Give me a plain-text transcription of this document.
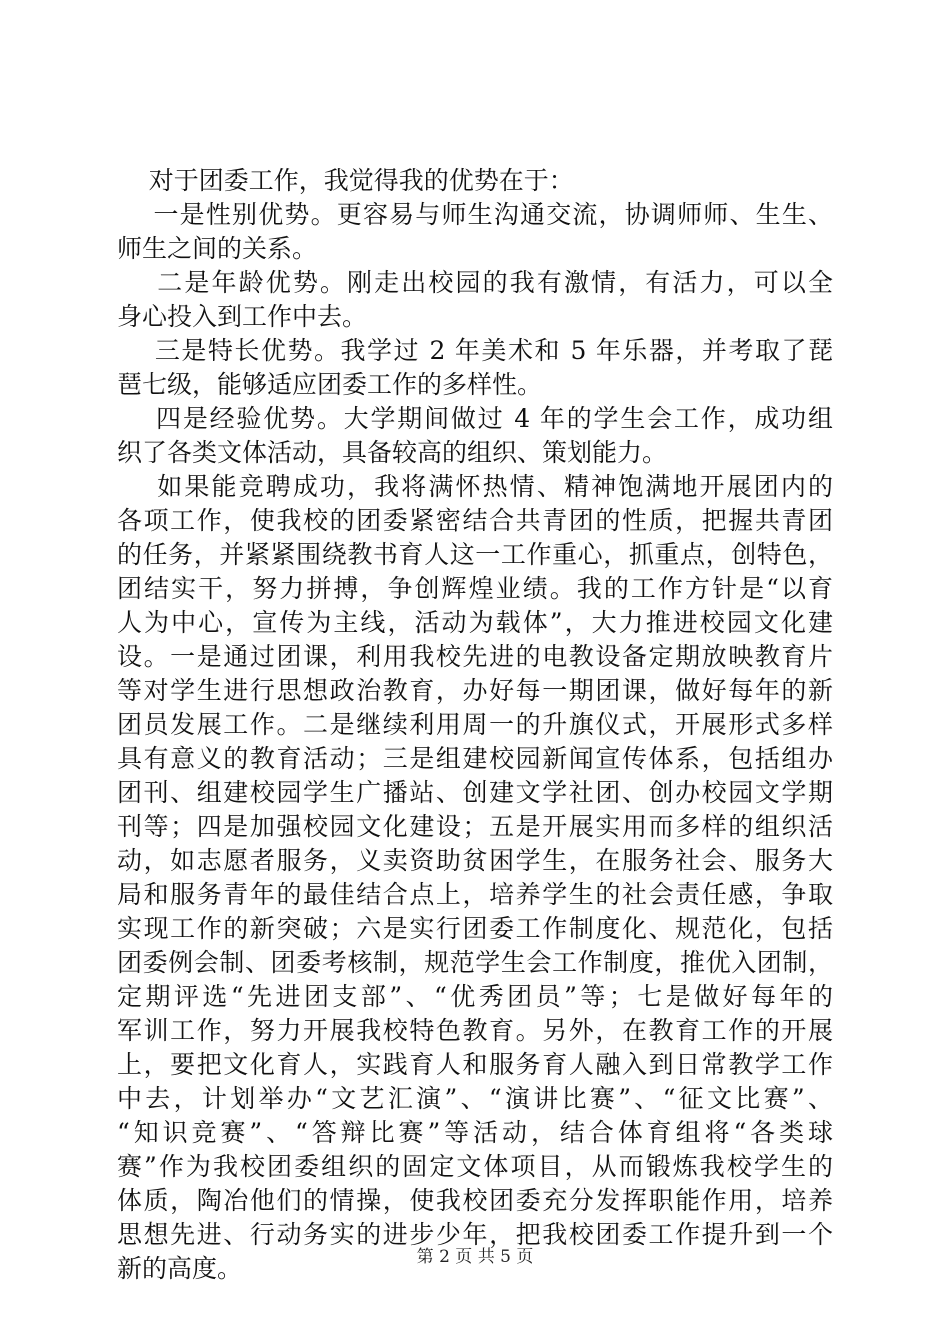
对于团委工作，我觉得我的优势在于：
一是性别优势。更容易与师生沟通交流，协调师师、生生、
师生之间的关系。
二是年龄优势。刚走出校园的我有激情，有活力，可以全
身心投入到工作中去。
三是特长优势。我学过 2 年美术和 5 年乐器，并考取了琵
琶七级，能够适应团委工作的多样性。
四是经验优势。大学期间做过 4 年的学生会工作，成功组
织了各类文体活动，具备较高的组织、策划能力。
如果能竞聘成功，我将满怀热情、精神饱满地开展团内的
各项工作，使我校的团委紧密结合共青团的性质，把握共青团
的任务，并紧紧围绕教书育人这一工作重心，抓重点，创特色，
团结实干，努力拼搏，争创辉煌业绩。我的工作方针是“以育
人为中心，宣传为主线，活动为载体”，大力推进校园文化建
设。一是通过团课，利用我校先进的电教设备定期放映教育片
等对学生进行思想政治教育，办好每一期团课，做好每年的新
团员发展工作。二是继续利用周一的升旗仪式，开展形式多样
具有意义的教育活动；三是组建校园新闻宣传体系，包括组办
团刊、组建校园学生广播站、创建文学社团、创办校园文学期
刊等；四是加强校园文化建设；五是开展实用而多样的组织活
动，如志愿者服务，义卖资助贫困学生，在服务社会、服务大
局和服务青年的最佳结合点上，培养学生的社会责任感，争取
实现工作的新突破；六是实行团委工作制度化、规范化，包括
团委例会制、团委考核制，规范学生会工作制度，推优入团制，
定期评选“先进团支部”、“优秀团员”等；七是做好每年的
军训工作，努力开展我校特色教育。另外，在教育工作的开展
上，要把文化育人，实践育人和服务育人融入到日常教学工作
中去，计划举办“文艺汇演”、“演讲比赛”、“征文比赛”、
“知识竞赛”、“答辩比赛”等活动，结合体育组将“各类球
赛”作为我校团委组织的固定文体项目，从而锻炼我校学生的
体质，陶冶他们的情操，使我校团委充分发挥职能作用，培养
思想先进、行动务实的进步少年，把我校团委工作提升到一个
新的高度。	第 2 页 共 5 页
